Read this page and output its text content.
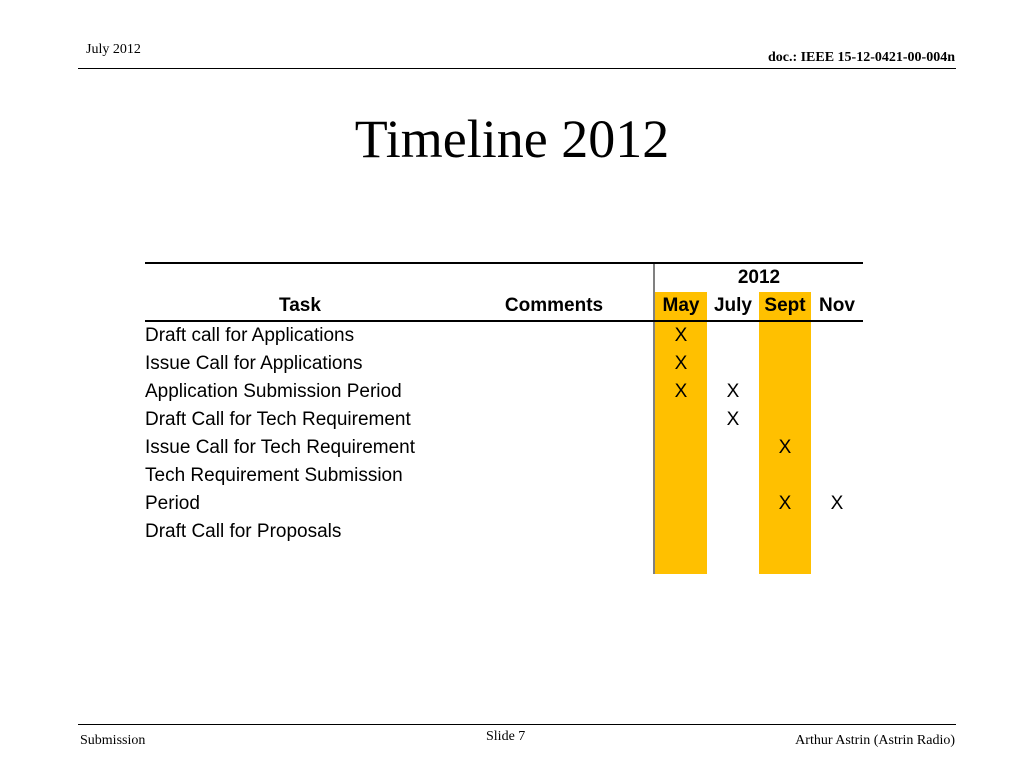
July 2012
doc.: IEEE 15-12-0421-00-004n
Timeline 2012
			2012			
Task	Comments		May	July	Sept	Nov
Draft call for Applications			X			
Issue Call for Applications			X			
Application Submission Period			X	X		
Draft Call for Tech Requirement				X		
Issue Call for Tech Requirement					X	
Tech Requirement Submission						
Period					X	X
Draft Call for Proposals						

Submission	Slide 7	Arthur Astrin (Astrin Radio)
